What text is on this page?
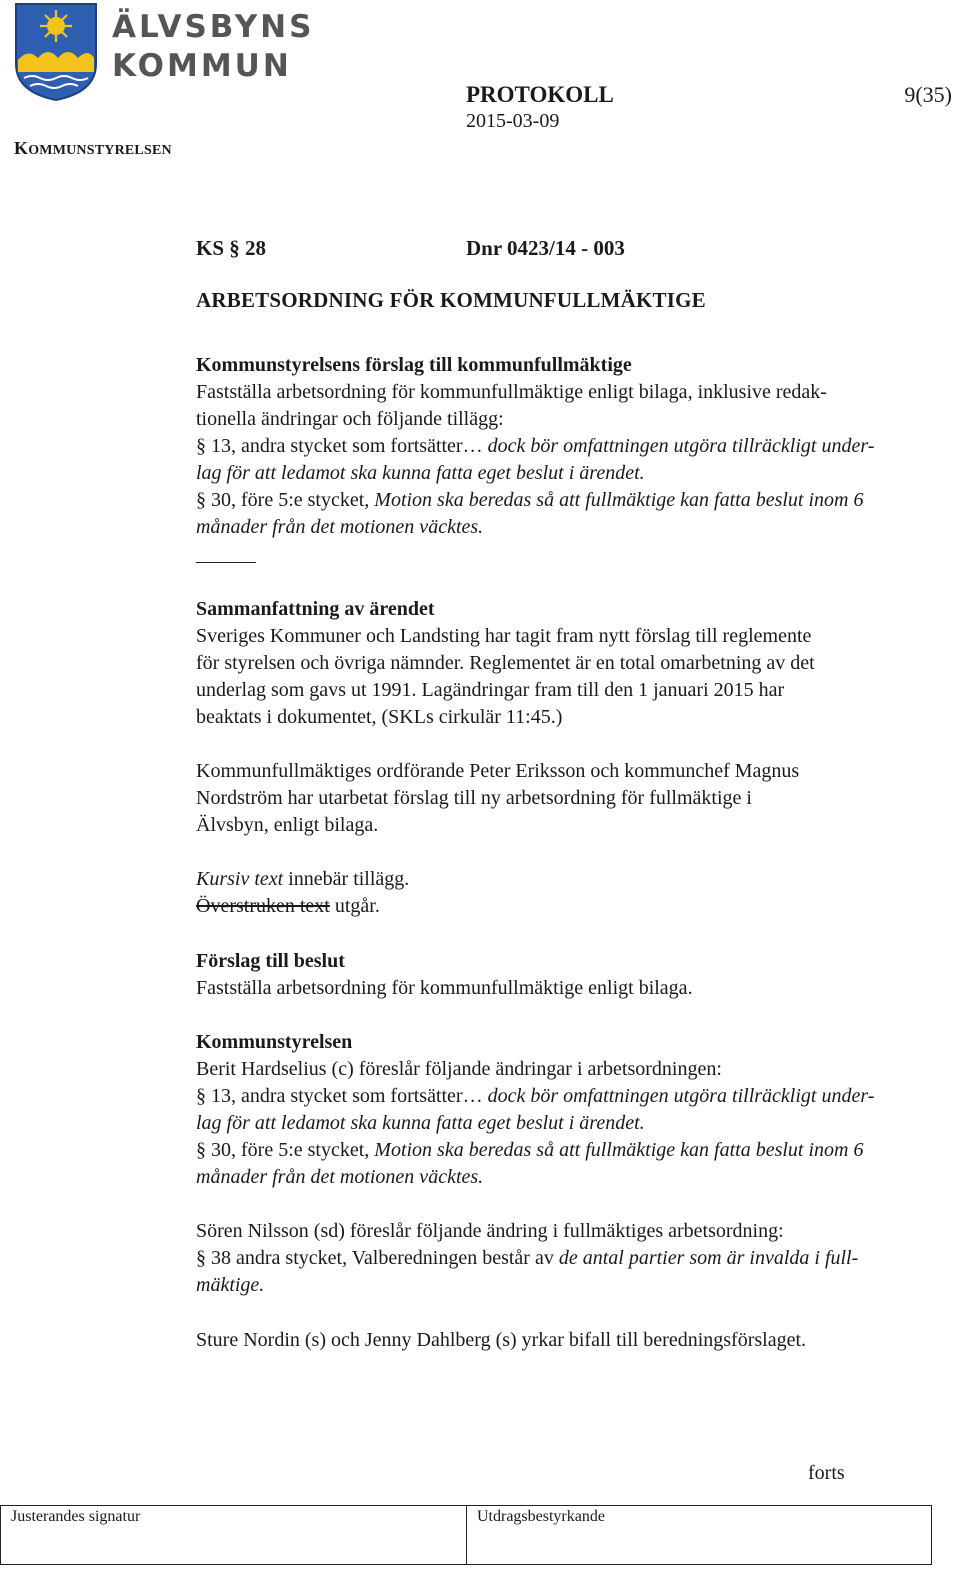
ÄLVSBYNS
KOMMUN
KOMMUNSTYRELSEN
PROTOKOLL
2015-03-09
9(35)
KS § 28	Dnr 0423/14 - 003
ARBETSORDNING FÖR KOMMUNFULLMÄKTIGE

Kommunstyrelsens förslag till kommunfullmäktige

Fastställa arbetsordning för kommunfullmäktige enligt bilaga, inklusive redak-

tionella ändringar och följande tillägg:

§ 13, andra stycket som fortsätter… dock bör omfattningen utgöra tillräckligt under-

lag för att ledamot ska kunna fatta eget beslut i ärendet.

§ 30, före 5:e stycket, Motion ska beredas så att fullmäktige kan fatta beslut inom 6

månader från det motionen väcktes.

Sammanfattning av ärendet

Sveriges Kommuner och Landsting har tagit fram nytt förslag till reglemente

för styrelsen och övriga nämnder. Reglementet är en total omarbetning av det

underlag som gavs ut 1991. Lagändringar fram till den 1 januari 2015 har

beaktats i dokumentet, (SKLs cirkulär 11:45.)

Kommunfullmäktiges ordförande Peter Eriksson och kommunchef Magnus

Nordström har utarbetat förslag till ny arbetsordning för fullmäktige i

Älvsbyn, enligt bilaga.

Kursiv text innebär tillägg.

Överstruken text utgår.

Förslag till beslut

Fastställa arbetsordning för kommunfullmäktige enligt bilaga.

Kommunstyrelsen

Berit Hardselius (c) föreslår följande ändringar i arbetsordningen:

§ 13, andra stycket som fortsätter… dock bör omfattningen utgöra tillräckligt under-

lag för att ledamot ska kunna fatta eget beslut i ärendet.

§ 30, före 5:e stycket, Motion ska beredas så att fullmäktige kan fatta beslut inom 6

månader från det motionen väcktes.

Sören Nilsson (sd) föreslår följande ändring i fullmäktiges arbetsordning:

§ 38 andra stycket, Valberedningen består av de antal partier som är invalda i full-

mäktige.

Sture Nordin (s) och Jenny Dahlberg (s) yrkar bifall till beredningsförslaget.

forts
Justerandes signatur	Utdragsbestyrkande
